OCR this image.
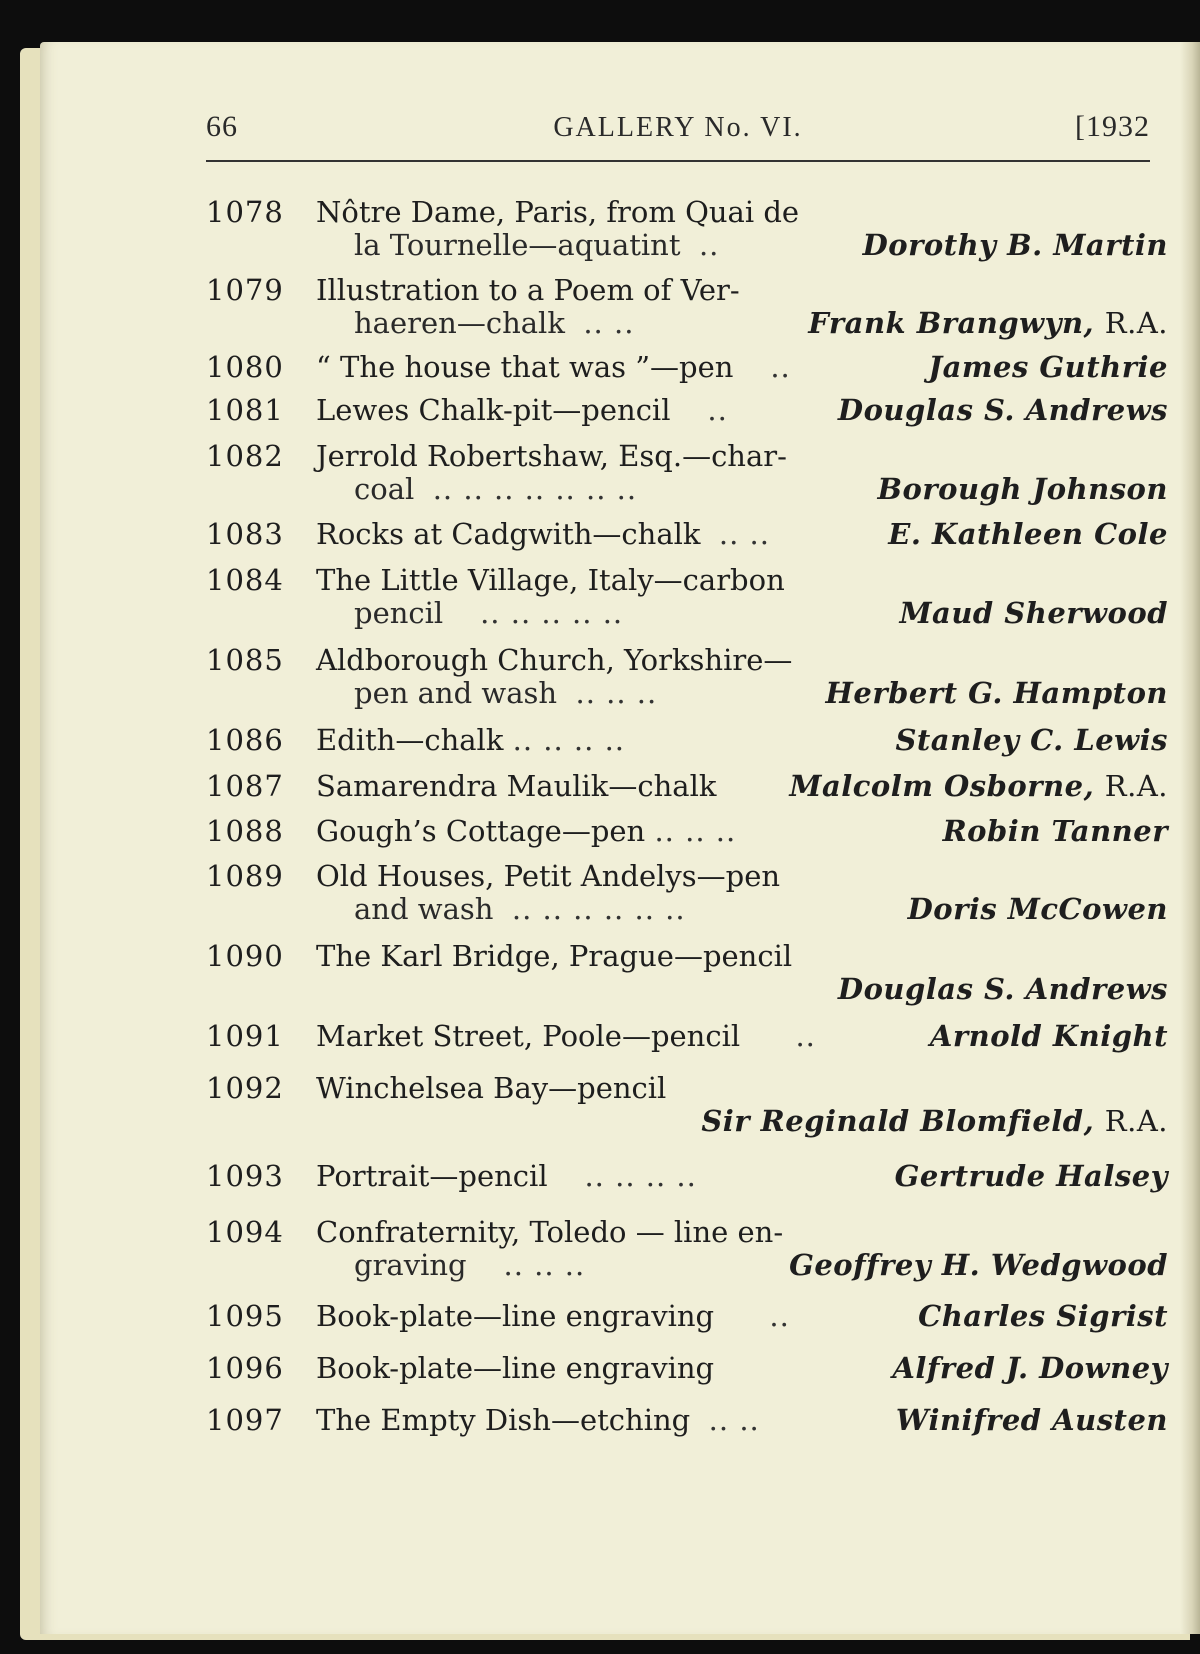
66	GALLERY No. VI.	[1932
1078	Nôtre Dame, Paris, from Quai de
la Tournelle—aquatint ..	Dorothy B. Martin
1079	Illustration to a Poem of Ver-
haeren—chalk .. ..	Frank Brangwyn, R.A.
1080	“ The house that was ”—pen ..	James Guthrie
1081	Lewes Chalk-pit—pencil ..	Douglas S. Andrews
1082	Jerrold Robertshaw, Esq.—char-
coal .. .. .. .. .. .. ..	Borough Johnson
1083	Rocks at Cadgwith—chalk .. ..	E. Kathleen Cole
1084	The Little Village, Italy—carbon
pencil .. .. .. .. ..	Maud Sherwood
1085	Aldborough Church, Yorkshire—
pen and wash .. .. ..	Herbert G. Hampton
1086	Edith—chalk .. .. .. ..	Stanley C. Lewis
1087	Samarendra Maulik—chalk	Malcolm Osborne, R.A.
1088	Gough’s Cottage—pen .. .. ..	Robin Tanner
1089	Old Houses, Petit Andelys—pen
and wash .. .. .. .. .. ..	Doris McCowen
1090	The Karl Bridge, Prague—pencil
Douglas S. Andrews
1091	Market Street, Poole—pencil ..	Arnold Knight
1092	Winchelsea Bay—pencil
Sir Reginald Blomfield, R.A.
1093	Portrait—pencil .. .. .. ..	Gertrude Halsey
1094	Confraternity, Toledo — line en-
graving .. .. ..	Geoffrey H. Wedgwood
1095	Book-plate—line engraving ..	Charles Sigrist
1096	Book-plate—line engraving	Alfred J. Downey
1097	The Empty Dish—etching .. ..	Winifred Austen
